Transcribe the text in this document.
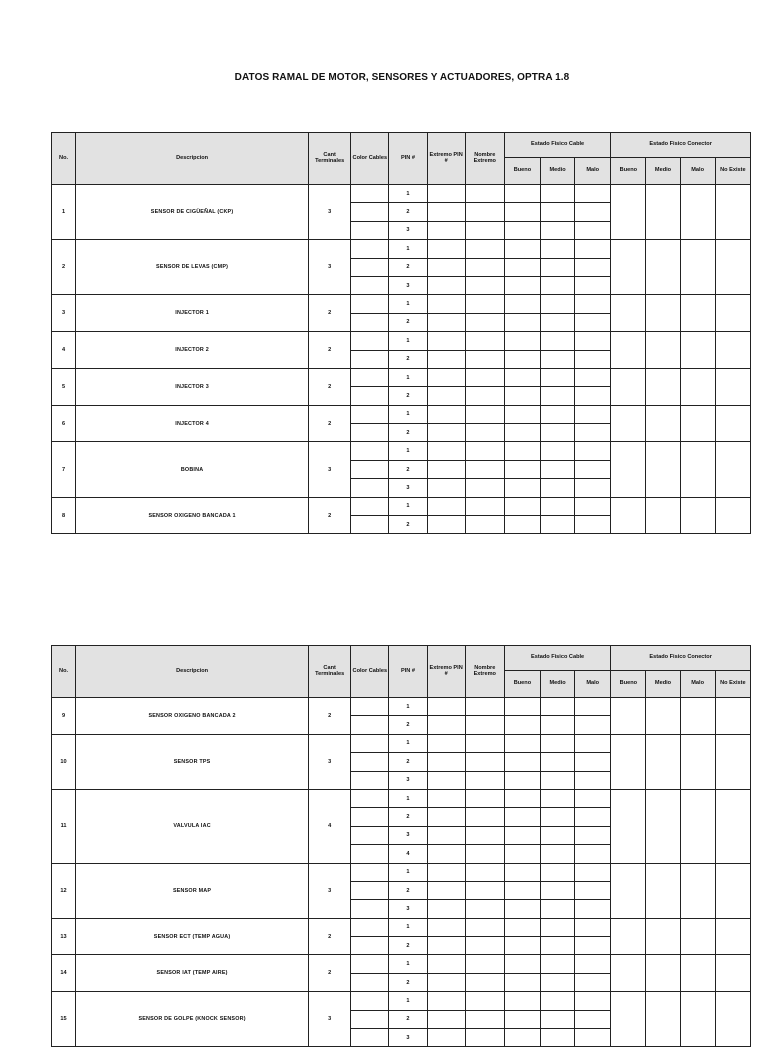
DATOS RAMAL DE MOTOR, SENSORES Y ACTUADORES, OPTRA 1.8
No.	Descripcion	Cant Terminales	Color Cables	PIN #	Extremo PIN #	Nombre Extremo	Estado Fisico Cable			Estado Fisico Conector			
							Bueno	Medio	Malo	Bueno	Medio	Malo	No Existe
1	SENSOR DE CIGÜEÑAL (CKP)	3		1									
				2									
				3									
2	SENSOR DE LEVAS (CMP)	3		1									
				2									
				3									
3	INJECTOR 1	2		1									
				2									
4	INJECTOR 2	2		1									
				2									
5	INJECTOR 3	2		1									
				2									
6	INJECTOR 4	2		1									
				2									
7	BOBINA	3		1									
				2									
				3									
8	SENSOR OXIGENO BANCADA 1	2		1									
				2									
No.	Descripcion	Cant Terminales	Color Cables	PIN #	Extremo PIN #	Nombre Extremo	Estado Fisico Cable			Estado Fisico Conector			
							Bueno	Medio	Malo	Bueno	Medio	Malo	No Existe
9	SENSOR OXIGENO BANCADA 2	2		1									
				2									
10	SENSOR TPS	3		1									
				2									
				3									
11	VALVULA IAC	4		1									
				2									
				3									
				4									
12	SENSOR MAP	3		1									
				2									
				3									
13	SENSOR ECT (TEMP AGUA)	2		1									
				2									
14	SENSOR IAT (TEMP AIRE)	2		1									
				2									
15	SENSOR DE GOLPE (KNOCK SENSOR)	3		1									
				2									
				3									
